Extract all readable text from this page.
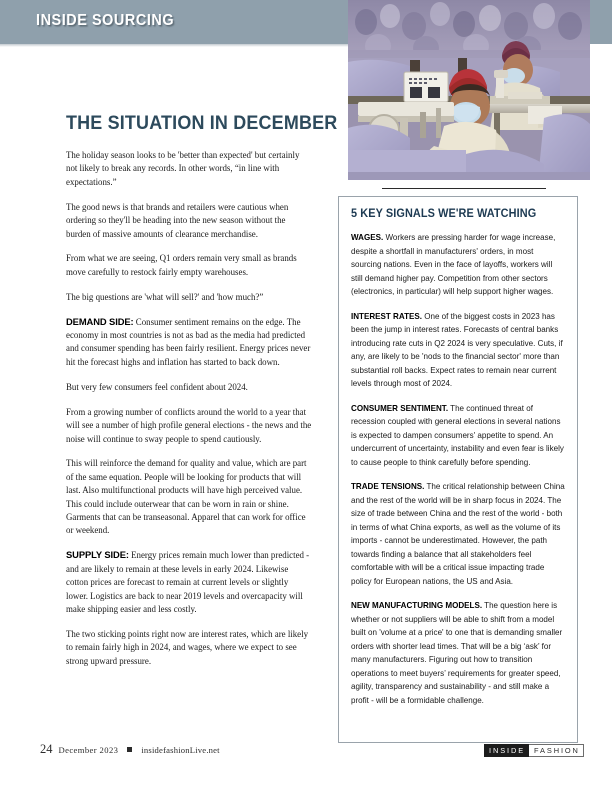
INSIDE SOURCING
THE SITUATION IN DECEMBER

The holiday season looks to be 'better than expected' but certainly not likely to break any records. In other words, “in line with expectations.”

The good news is that brands and retailers were cautious when ordering so they'll be heading into the new season without the burden of massive amounts of clearance merchandise.

From what we are seeing, Q1 orders remain very small as brands move carefully to restock fairly empty warehouses.

The big questions are 'what will sell?' and 'how much?”

DEMAND SIDE: Consumer sentiment remains on the edge. The economy in most countries is not as bad as the media had predicted and consumer spending has been fairly resilient. Energy prices never hit the forecast highs and inflation has started to back down.

But very few consumers feel confident about 2024.

From a growing number of conflicts around the world to a year that will see a number of high profile general elections - the news and the noise will continue to sway people to spend cautiously.

This will reinforce the demand for quality and value, which are part of the same equation. People will be looking for products that will last. Also multifunctional products will have high perceived value. This could include outerwear that can be worn in rain or shine. Garments that can be transeasonal. Apparel that can work for office or weekend.

SUPPLY SIDE: Energy prices remain much lower than predicted - and are likely to remain at these levels in early 2024. Likewise cotton prices are forecast to remain at current levels or slightly lower. Logistics are back to near 2019 levels and overcapacity will make shipping easier and less costly.

The two sticking points right now are interest rates, which are likely to remain fairly high in 2024, and wages, where we expect to see strong upward pressure.

5 KEY SIGNALS WE'RE WATCHING

WAGES. Workers are pressing harder for wage increase, despite a shortfall in manufacturers' orders, in most sourcing nations. Even in the face of layoffs, workers will still demand higher pay. Competition from other sectors (electronics, in particular) will help support higher wages.

INTEREST RATES. One of the biggest costs in 2023 has been the jump in interest rates. Forecasts of central banks introducing rate cuts in Q2 2024 is very speculative. Cuts, if any, are likely to be 'nods to the financial sector' more than substantial roll backs. Expect rates to remain near current levels through most of 2024.

CONSUMER SENTIMENT. The continued threat of recession coupled with general elections in several nations is expected to dampen consumers' appetite to spend. An undercurrent of uncertainty, instability and even fear is likely to cause people to think carefully before spending.

TRADE TENSIONS. The critical relationship between China and the rest of the world will be in sharp focus in 2024. The size of trade between China and the rest of the world - both in terms of what China exports, as well as the volume of its imports - cannot be underestimated. However, the path towards finding a balance that all stakeholders feel comfortable with will be a critical issue impacting trade policy for European nations, the US and Asia.

NEW MANUFACTURING MODELS. The question here is whether or not suppliers will be able to shift from a model built on 'volume at a price' to one that is demanding smaller orders with shorter lead times. That will be a big ‘ask’ for many manufacturers. Figuring out how to transition operations to meet buyers’ requirements for greater speed, agility, transparency and sustainability - and still make a profit - will be a formidable challenge.

24 December 2023	insidefashionLive.net	INSIDE	FASHION
